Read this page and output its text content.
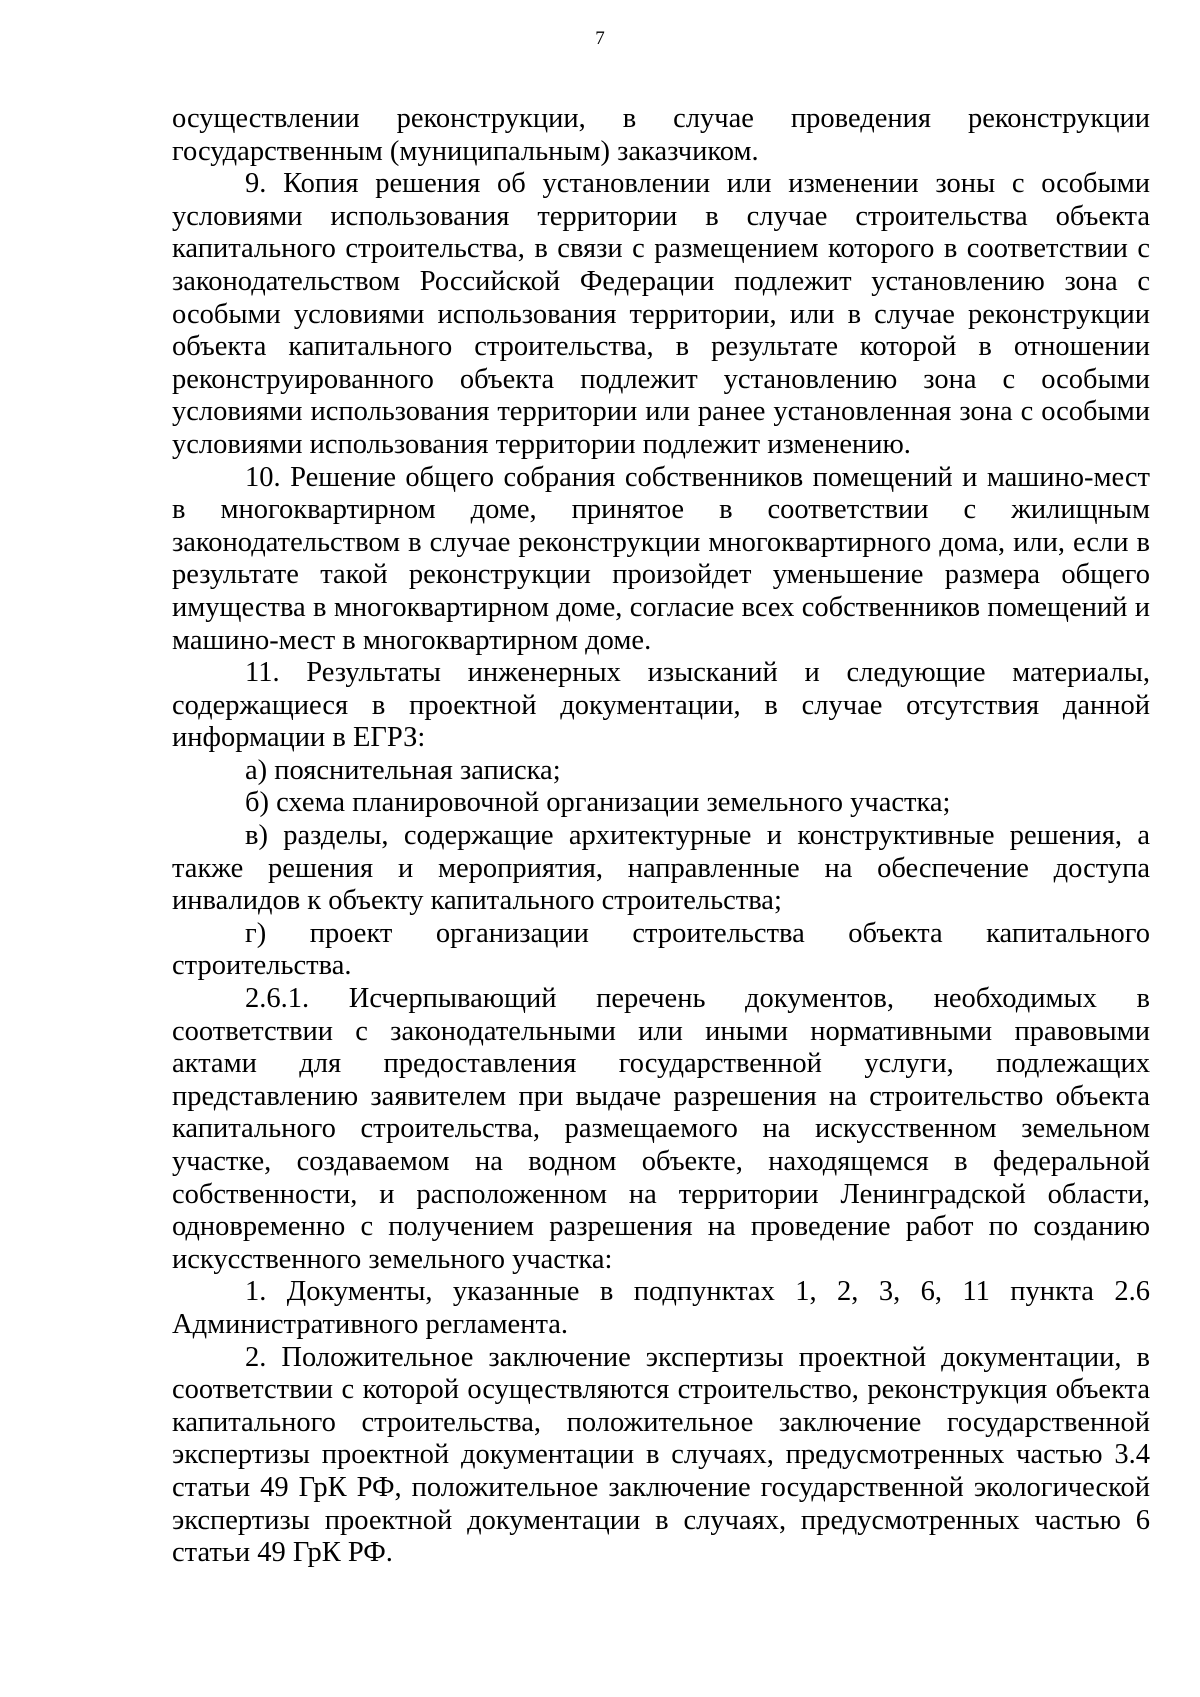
7

осуществлении реконструкции, в случае проведения реконструкции государственным (муниципальным) заказчиком.

9. Копия решения об установлении или изменении зоны с особыми условиями использования территории в случае строительства объекта капитального строительства, в связи с размещением которого в соответствии с законодательством Российской Федерации подлежит установлению зона с особыми условиями использования территории, или в случае реконструкции объекта капитального строительства, в результате которой в отношении реконструированного объекта подлежит установлению зона с особыми условиями использования территории или ранее установленная зона с особыми условиями использования территории подлежит изменению.

10. Решение общего собрания собственников помещений и машино-мест в многоквартирном доме, принятое в соответствии с жилищным законодательством в случае реконструкции многоквартирного дома, или, если в результате такой реконструкции произойдет уменьшение размера общего имущества в многоквартирном доме, согласие всех собственников помещений и машино-мест в многоквартирном доме.

11. Результаты инженерных изысканий и следующие материалы, содержащиеся в проектной документации, в случае отсутствия данной информации в ЕГРЗ:

а) пояснительная записка;

б) схема планировочной организации земельного участка;

в) разделы, содержащие архитектурные и конструктивные решения, а также решения и мероприятия, направленные на обеспечение доступа инвалидов к объекту капитального строительства;

г) проект организации строительства объекта капитального строительства.

2.6.1. Исчерпывающий перечень документов, необходимых в соответствии с законодательными или иными нормативными правовыми актами для предоставления государственной услуги, подлежащих представлению заявителем при выдаче разрешения на строительство объекта капитального строительства, размещаемого на искусственном земельном участке, создаваемом на водном объекте, находящемся в федеральной собственности, и расположенном на территории Ленинградской области, одновременно с получением разрешения на проведение работ по созданию искусственного земельного участка:

1. Документы, указанные в подпунктах 1, 2, 3, 6, 11 пункта 2.6 Административного регламента.

2. Положительное заключение экспертизы проектной документации, в соответствии с которой осуществляются строительство, реконструкция объекта капитального строительства, положительное заключение государственной экспертизы проектной документации в случаях, предусмотренных частью 3.4 статьи 49 ГрК РФ, положительное заключение государственной экологической экспертизы проектной документации в случаях, предусмотренных частью 6 статьи 49 ГрК РФ.
